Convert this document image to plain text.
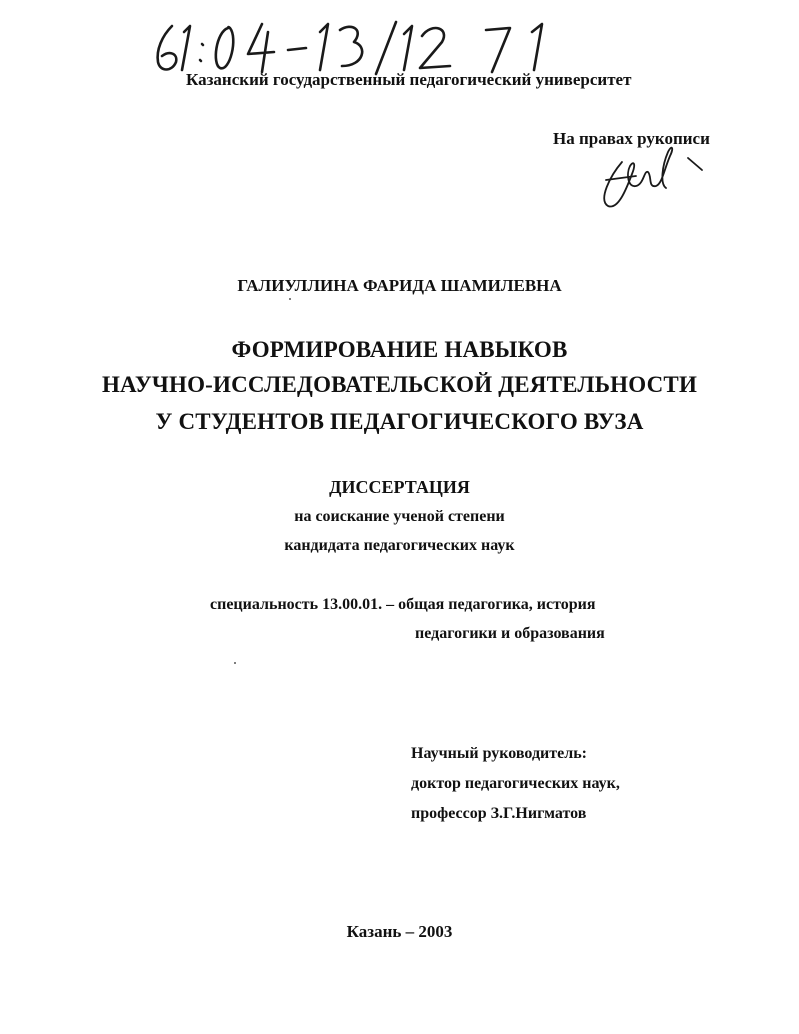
Казанский государственный педагогический университет
На правах рукописи
ГАЛИУЛЛИНА ФАРИДА ШАМИЛЕВНА
ФОРМИРОВАНИЕ НАВЫКОВ
НАУЧНО-ИССЛЕДОВАТЕЛЬСКОЙ ДЕЯТЕЛЬНОСТИ
У СТУДЕНТОВ ПЕДАГОГИЧЕСКОГО ВУЗА
ДИССЕРТАЦИЯ
на соискание ученой степени
кандидата педагогических наук
специальность 13.00.01. – общая педагогика, история
педагогики и образования
Научный руководитель:
доктор педагогических наук,
профессор З.Г.Нигматов
Казань – 2003
